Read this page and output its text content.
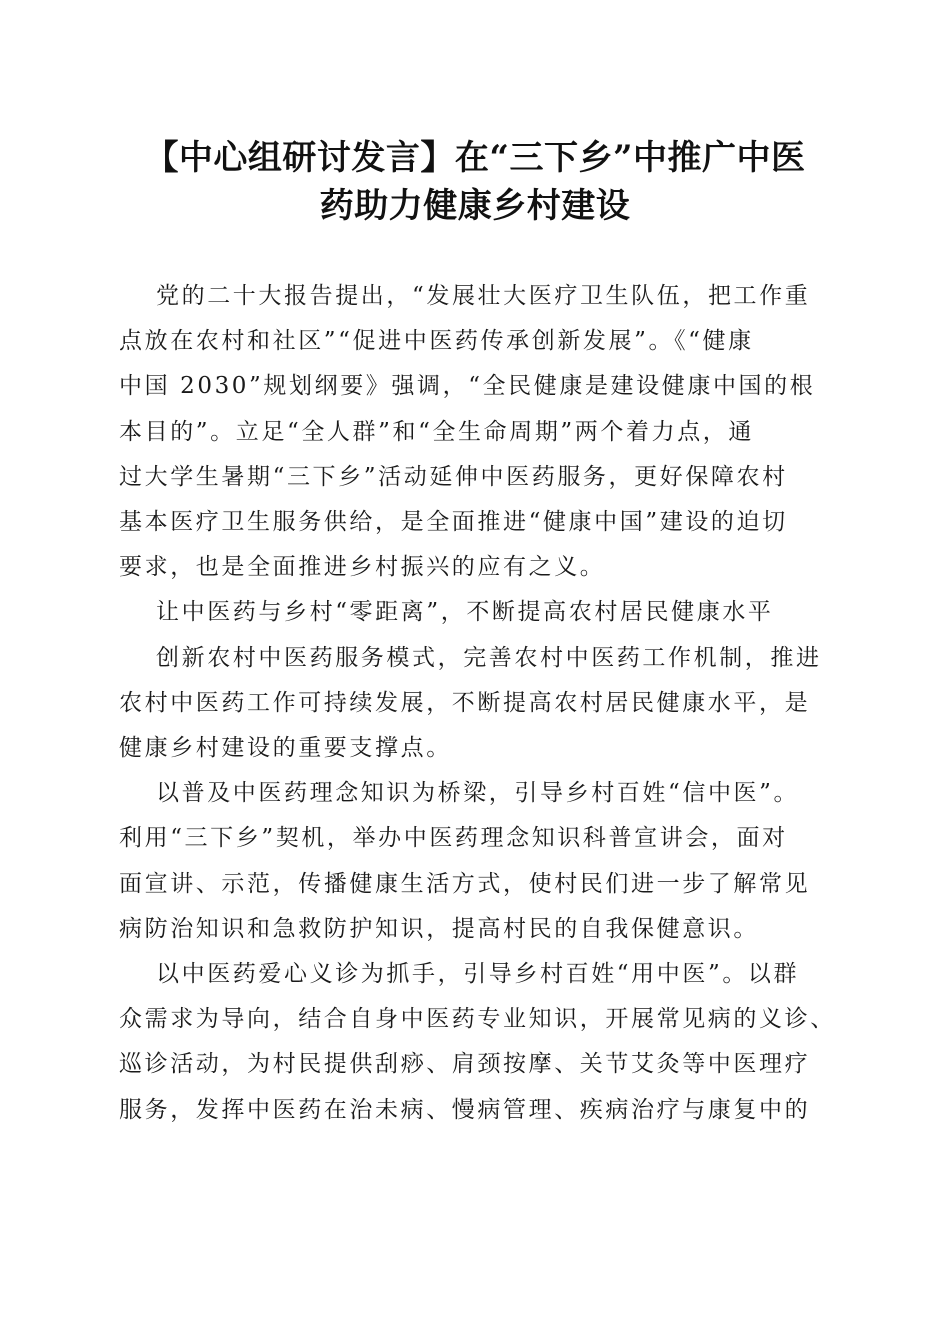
【中心组研讨发言】在“三下乡”中推广中医
药助力健康乡村建设

党的二十大报告提出，“发展壮大医疗卫生队伍，把工作重
点放在农村和社区”“促进中医药传承创新发展”。《“健康
中国 2030”规划纲要》强调，“全民健康是建设健康中国的根
本目的”。立足“全人群”和“全生命周期”两个着力点，通
过大学生暑期“三下乡”活动延伸中医药服务，更好保障农村
基本医疗卫生服务供给，是全面推进“健康中国”建设的迫切
要求，也是全面推进乡村振兴的应有之义。

让中医药与乡村“零距离”，不断提高农村居民健康水平

创新农村中医药服务模式，完善农村中医药工作机制，推进
农村中医药工作可持续发展，不断提高农村居民健康水平，是
健康乡村建设的重要支撑点。

以普及中医药理念知识为桥梁，引导乡村百姓“信中医”。
利用“三下乡”契机，举办中医药理念知识科普宣讲会，面对
面宣讲、示范，传播健康生活方式，使村民们进一步了解常见
病防治知识和急救防护知识，提高村民的自我保健意识。

以中医药爱心义诊为抓手，引导乡村百姓“用中医”。以群
众需求为导向，结合自身中医药专业知识，开展常见病的义诊、
巡诊活动，为村民提供刮痧、肩颈按摩、关节艾灸等中医理疗
服务，发挥中医药在治未病、慢病管理、疾病治疗与康复中的
